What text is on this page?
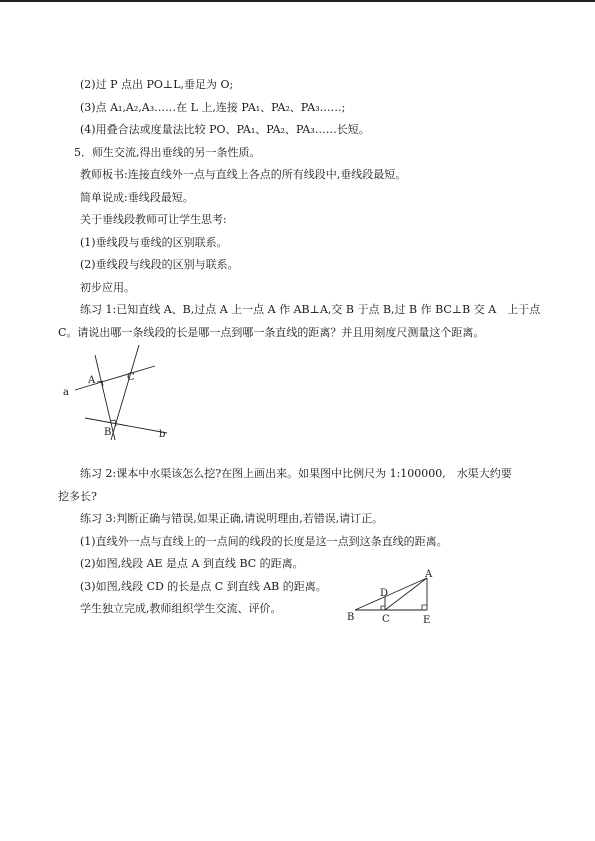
(2)过 P 点出 PO⊥L,垂足为 O;
(3)点 A₁,A₂,A₃……在 L 上,连接 PA₁、PA₂、PA₃……;
(4)用叠合法或度量法比较 PO、PA₁、PA₂、PA₃……长短。
5．师生交流,得出垂线的另一条性质。
教师板书:连接直线外一点与直线上各点的所有线段中,垂线段最短。
简单说成:垂线段最短。
关于垂线段教师可让学生思考:
(1)垂线段与垂线的区别联系。
(2)垂线段与线段的区别与联系。
初步应用。
练习 1:已知直线 A、B,过点 A 上一点 A 作 AB⊥A,交 B 于点 B,过 B 作 BC⊥B 交 A　上于点
C。请说出哪一条线段的长是哪一点到哪一条直线的距离？并且用刻度尺测量这个距离。
a
b
A
B
C
练习 2:课本中水渠该怎么挖?在图上画出来。如果图中比例尺为 1:100000,　水渠大约要
挖多长?
练习 3:判断正确与错误,如果正确,请说明理由,若错误,请订正。
(1)直线外一点与直线上的一点间的线段的长度是这一点到这条直线的距离。
(2)如图,线段 AE 是点 A 到直线 BC 的距离。
(3)如图,线段 CD 的长是点 C 到直线 AB 的距离。
学生独立完成,教师组织学生交流、评价。
B	C
D
E
A
